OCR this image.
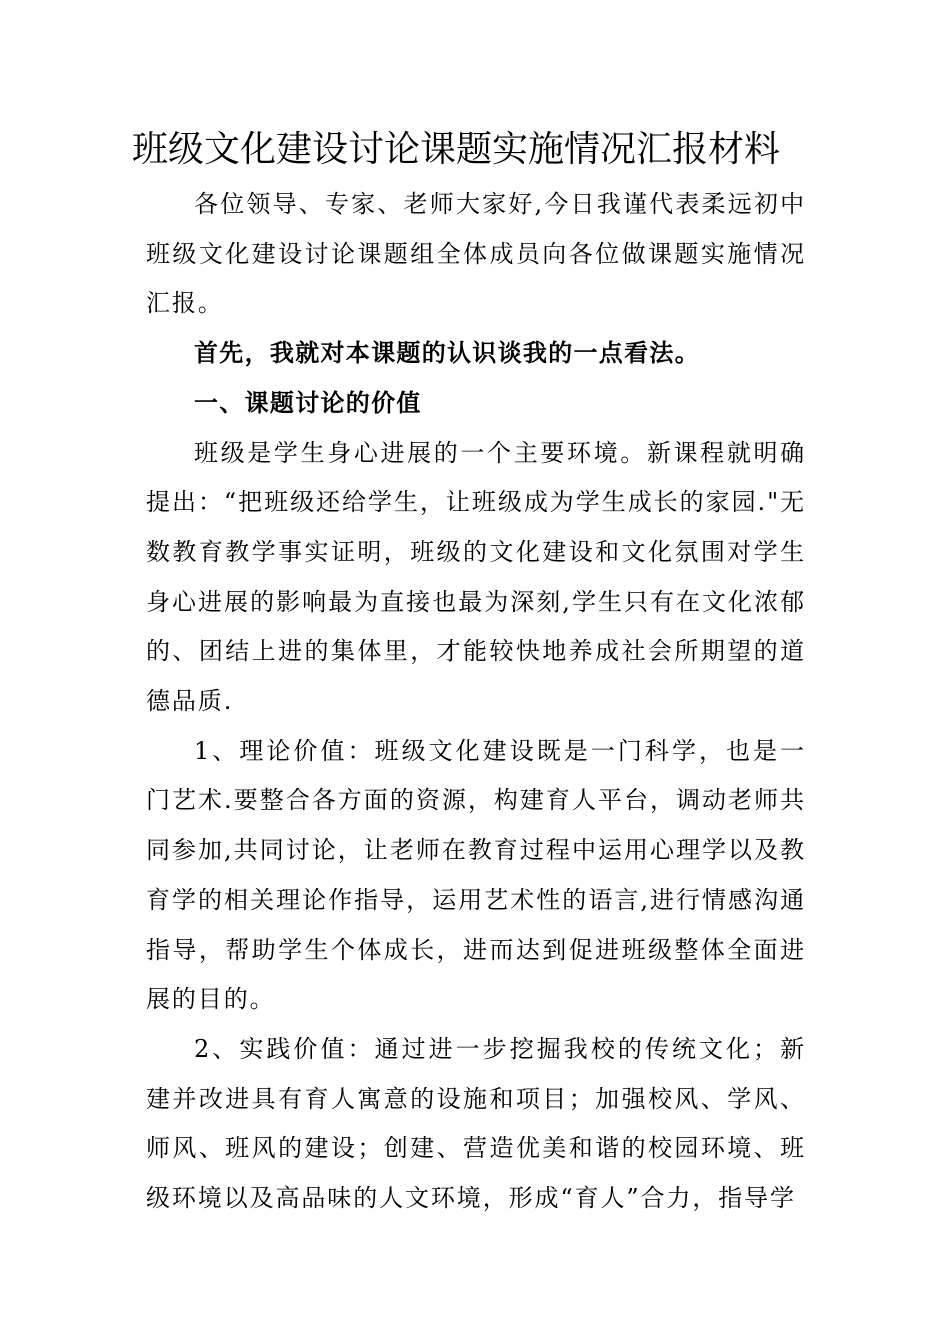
班级文化建设讨论课题实施情况汇报材料

各位领导、专家、老师大家好,今日我谨代表柔远初中班级文化建设讨论课题组全体成员向各位做课题实施情况汇报。

首先，我就对本课题的认识谈我的一点看法。

一、课题讨论的价值

班级是学生身心进展的一个主要环境。新课程就明确提出：“把班级还给学生，让班级成为学生成长的家园."无数教育教学事实证明，班级的文化建设和文化氛围对学生身心进展的影响最为直接也最为深刻,学生只有在文化浓郁的、团结上进的集体里，才能较快地养成社会所期望的道德品质.

1、理论价值：班级文化建设既是一门科学，也是一门艺术.要整合各方面的资源，构建育人平台，调动老师共同参加,共同讨论，让老师在教育过程中运用心理学以及教育学的相关理论作指导，运用艺术性的语言,进行情感沟通指导，帮助学生个体成长，进而达到促进班级整体全面进展的目的。

2、实践价值：通过进一步挖掘我校的传统文化；新建并改进具有育人寓意的设施和项目；加强校风、学风、师风、班风的建设；创建、营造优美和谐的校园环境、班级环境以及高品味的人文环境，形成“育人”合力，指导学
